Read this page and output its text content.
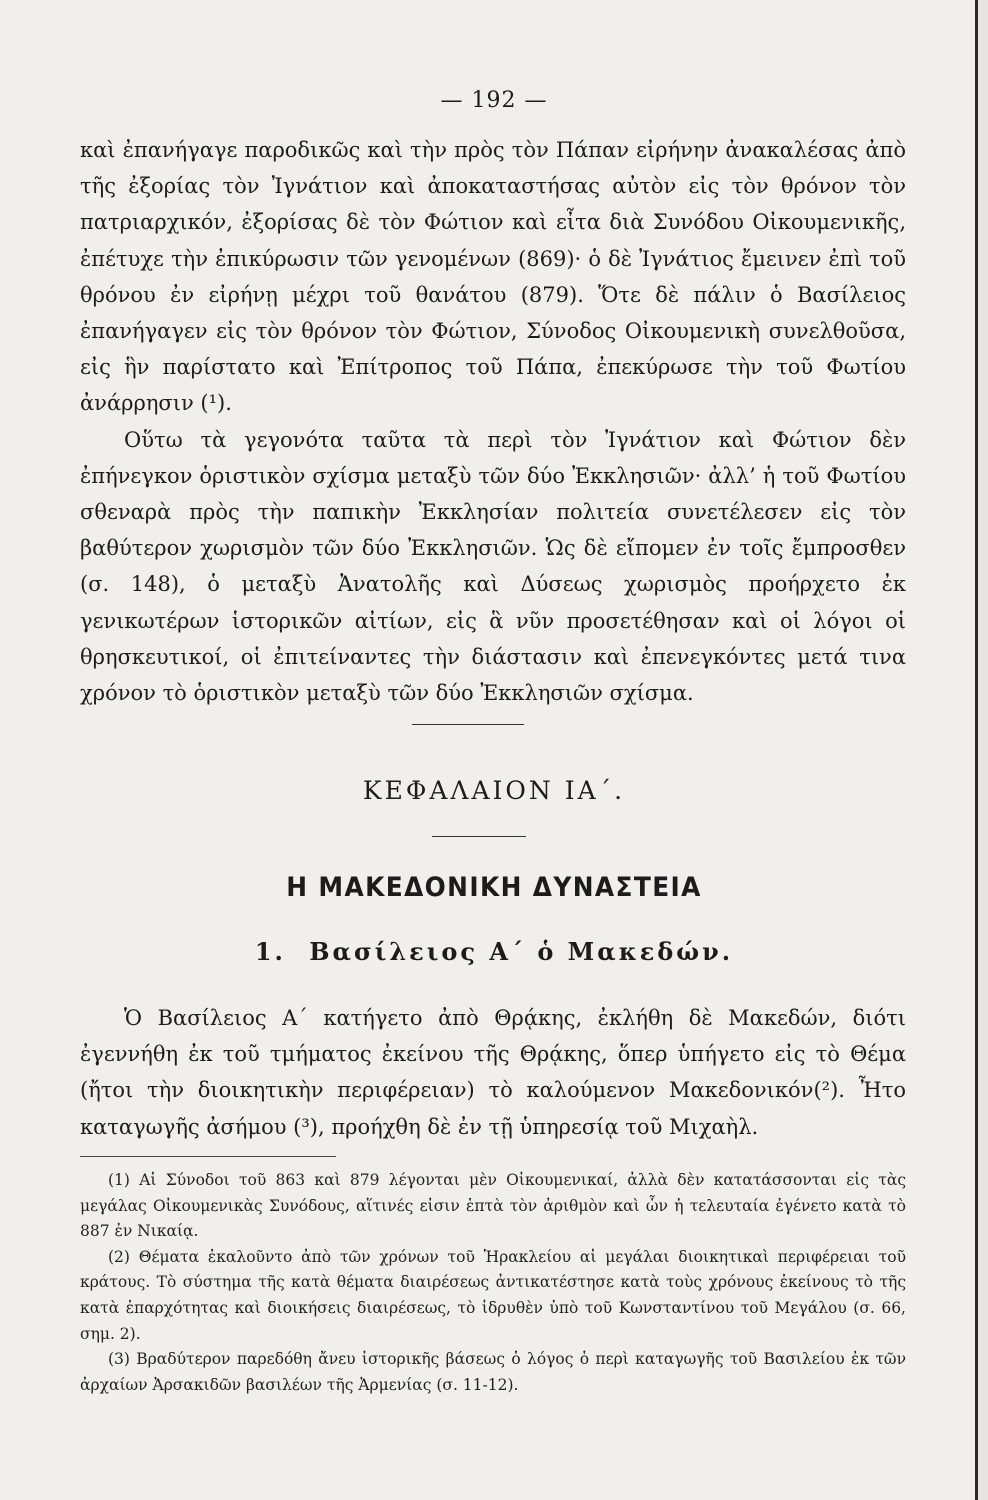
— 192 —

καὶ ἐπανήγαγε παροδικῶς καὶ τὴν πρὸς τὸν Πάπαν εἰρήνην ἀνακαλέσας ἀπὸ τῆς ἐξορίας τὸν Ἰγνάτιον καὶ ἀποκαταστήσας αὐτὸν εἰς τὸν θρόνον τὸν πατριαρχικόν, ἐξορίσας δὲ τὸν Φώτιον καὶ εἶτα διὰ Συνόδου Οἰκουμενικῆς, ἐπέτυχε τὴν ἐπικύρωσιν τῶν γενομένων (869)· ὁ δὲ Ἰγνάτιος ἔμεινεν ἐπὶ τοῦ θρόνου ἐν εἰρήνῃ μέχρι τοῦ θανάτου (879). Ὅτε δὲ πάλιν ὁ Βασίλειος ἐπανήγαγεν εἰς τὸν θρόνον τὸν Φώτιον, Σύνοδος Οἰκουμενικὴ συνελθοῦσα, εἰς ἣν παρίστατο καὶ Ἐπίτροπος τοῦ Πάπα, ἐπεκύρωσε τὴν τοῦ Φωτίου ἀνάρρησιν (¹).

Οὕτω τὰ γεγονότα ταῦτα τὰ περὶ τὸν Ἰγνάτιον καὶ Φώτιον δὲν ἐπήνεγκον ὁριστικὸν σχίσμα μεταξὺ τῶν δύο Ἐκκλησιῶν· ἀλλ’ ἡ τοῦ Φωτίου σθεναρὰ πρὸς τὴν παπικὴν Ἐκκλησίαν πολιτεία συνετέλεσεν εἰς τὸν βαθύτερον χωρισμὸν τῶν δύο Ἐκκλησιῶν. Ὡς δὲ εἴπομεν ἐν τοῖς ἔμπροσθεν (σ. 148), ὁ μεταξὺ Ἀνατολῆς καὶ Δύσεως χωρισμὸς προήρχετο ἐκ γενικωτέρων ἱστορικῶν αἰτίων, εἰς ἃ νῦν προσετέθησαν καὶ οἱ λόγοι οἱ θρησκευτικοί, οἱ ἐπιτείναντες τὴν διάστασιν καὶ ἐπενεγκόντες μετά τινα χρόνον τὸ ὁριστικὸν μεταξὺ τῶν δύο Ἐκκλησιῶν σχίσμα.

ΚΕΦΑΛΑΙΟΝ ΙΑ΄.
Η ΜΑΚΕΔΟΝΙΚΗ ΔΥΝΑΣΤΕΙΑ
1. Βασίλειος Α΄ ὁ Μακεδών.

Ὁ Βασίλειος Α΄ κατήγετο ἀπὸ Θρᾴκης, ἐκλήθη δὲ Μακεδών, διότι ἐγεννήθη ἐκ τοῦ τμήματος ἐκείνου τῆς Θρᾴκης, ὅπερ ὑπήγετο εἰς τὸ Θέμα (ἤτοι τὴν διοικητικὴν περιφέρειαν) τὸ καλούμενον Μακεδονικόν(²). Ἦτο καταγωγῆς ἀσήμου (³), προήχθη δὲ ἐν τῇ ὑπηρεσίᾳ τοῦ Μιχαὴλ.

(1) Αἱ Σύνοδοι τοῦ 863 καὶ 879 λέγονται μὲν Οἰκουμενικαί, ἀλλὰ δὲν κατατάσσονται εἰς τὰς μεγάλας Οἰκουμενικὰς Συνόδους, αἵτινές εἰσιν ἑπτὰ τὸν ἀριθμὸν καὶ ὧν ἡ τελευταία ἐγένετο κατὰ τὸ 887 ἐν Νικαίᾳ.

(2) Θέματα ἐκαλοῦντο ἀπὸ τῶν χρόνων τοῦ Ἡρακλείου αἱ μεγάλαι διοικητικαὶ περιφέρειαι τοῦ κράτους. Τὸ σύστημα τῆς κατὰ θέματα διαιρέσεως ἀντικατέστησε κατὰ τοὺς χρόνους ἐκείνους τὸ τῆς κατὰ ἐπαρχότητας καὶ διοικήσεις διαιρέσεως, τὸ ἱδρυθὲν ὑπὸ τοῦ Κωνσταντίνου τοῦ Μεγάλου (σ. 66, σημ. 2).

(3) Βραδύτερον παρεδόθη ἄνευ ἱστορικῆς βάσεως ὁ λόγος ὁ περὶ καταγωγῆς τοῦ Βασιλείου ἐκ τῶν ἀρχαίων Ἀρσακιδῶν βασιλέων τῆς Ἀρμενίας (σ. 11-12).
